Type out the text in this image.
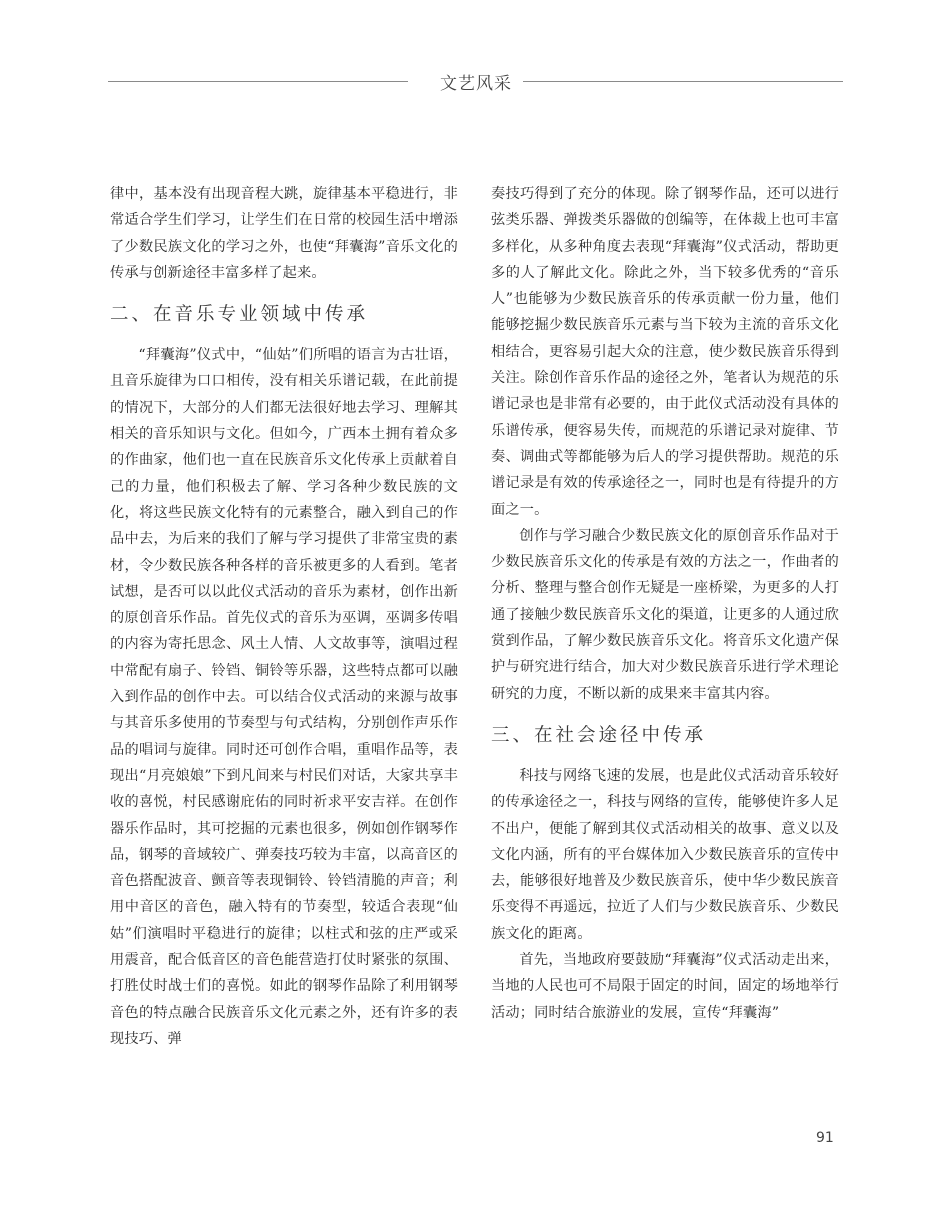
文艺风采

律中，基本没有出现音程大跳，旋律基本平稳进行，非常适合学生们学习，让学生们在日常的校园生活中增添了少数民族文化的学习之外，也使“拜囊海”音乐文化的传承与创新途径丰富多样了起来。

二、在音乐专业领域中传承

“拜囊海”仪式中，“仙姑”们所唱的语言为古壮语，且音乐旋律为口口相传，没有相关乐谱记载，在此前提的情况下，大部分的人们都无法很好地去学习、理解其相关的音乐知识与文化。但如今，广西本土拥有着众多的作曲家，他们也一直在民族音乐文化传承上贡献着自己的力量，他们积极去了解、学习各种少数民族的文化，将这些民族文化特有的元素整合，融入到自己的作品中去，为后来的我们了解与学习提供了非常宝贵的素材，令少数民族各种各样的音乐被更多的人看到。笔者试想，是否可以以此仪式活动的音乐为素材，创作出新的原创音乐作品。首先仪式的音乐为巫调，巫调多传唱的内容为寄托思念、风土人情、人文故事等，演唱过程中常配有扇子、铃铛、铜铃等乐器，这些特点都可以融入到作品的创作中去。可以结合仪式活动的来源与故事与其音乐多使用的节奏型与句式结构，分别创作声乐作品的唱词与旋律。同时还可创作合唱，重唱作品等，表现出“月亮娘娘”下到凡间来与村民们对话，大家共享丰收的喜悦，村民感谢庇佑的同时祈求平安吉祥。在创作器乐作品时，其可挖掘的元素也很多，例如创作钢琴作品，钢琴的音域较广、弹奏技巧较为丰富，以高音区的音色搭配波音、颤音等表现铜铃、铃铛清脆的声音；利用中音区的音色，融入特有的节奏型，较适合表现“仙姑”们演唱时平稳进行的旋律；以柱式和弦的庄严或采用震音，配合低音区的音色能营造打仗时紧张的氛围、打胜仗时战士们的喜悦。如此的钢琴作品除了利用钢琴音色的特点融合民族音乐文化元素之外，还有许多的表现技巧、弹

奏技巧得到了充分的体现。除了钢琴作品，还可以进行弦类乐器、弹拨类乐器做的创编等，在体裁上也可丰富多样化，从多种角度去表现“拜囊海”仪式活动，帮助更多的人了解此文化。除此之外，当下较多优秀的“音乐人”也能够为少数民族音乐的传承贡献一份力量，他们能够挖掘少数民族音乐元素与当下较为主流的音乐文化相结合，更容易引起大众的注意，使少数民族音乐得到关注。除创作音乐作品的途径之外，笔者认为规范的乐谱记录也是非常有必要的，由于此仪式活动没有具体的乐谱传承，便容易失传，而规范的乐谱记录对旋律、节奏、调曲式等都能够为后人的学习提供帮助。规范的乐谱记录是有效的传承途径之一，同时也是有待提升的方面之一。

创作与学习融合少数民族文化的原创音乐作品对于少数民族音乐文化的传承是有效的方法之一，作曲者的分析、整理与整合创作无疑是一座桥梁，为更多的人打通了接触少数民族音乐文化的渠道，让更多的人通过欣赏到作品，了解少数民族音乐文化。将音乐文化遗产保护与研究进行结合，加大对少数民族音乐进行学术理论研究的力度，不断以新的成果来丰富其内容。

三、在社会途径中传承

科技与网络飞速的发展，也是此仪式活动音乐较好的传承途径之一，科技与网络的宣传，能够使许多人足不出户，便能了解到其仪式活动相关的故事、意义以及文化内涵，所有的平台媒体加入少数民族音乐的宣传中去，能够很好地普及少数民族音乐，使中华少数民族音乐变得不再遥远，拉近了人们与少数民族音乐、少数民族文化的距离。

首先，当地政府要鼓励“拜囊海”仪式活动走出来，当地的人民也可不局限于固定的时间，固定的场地举行活动；同时结合旅游业的发展，宣传“拜囊海”

91
